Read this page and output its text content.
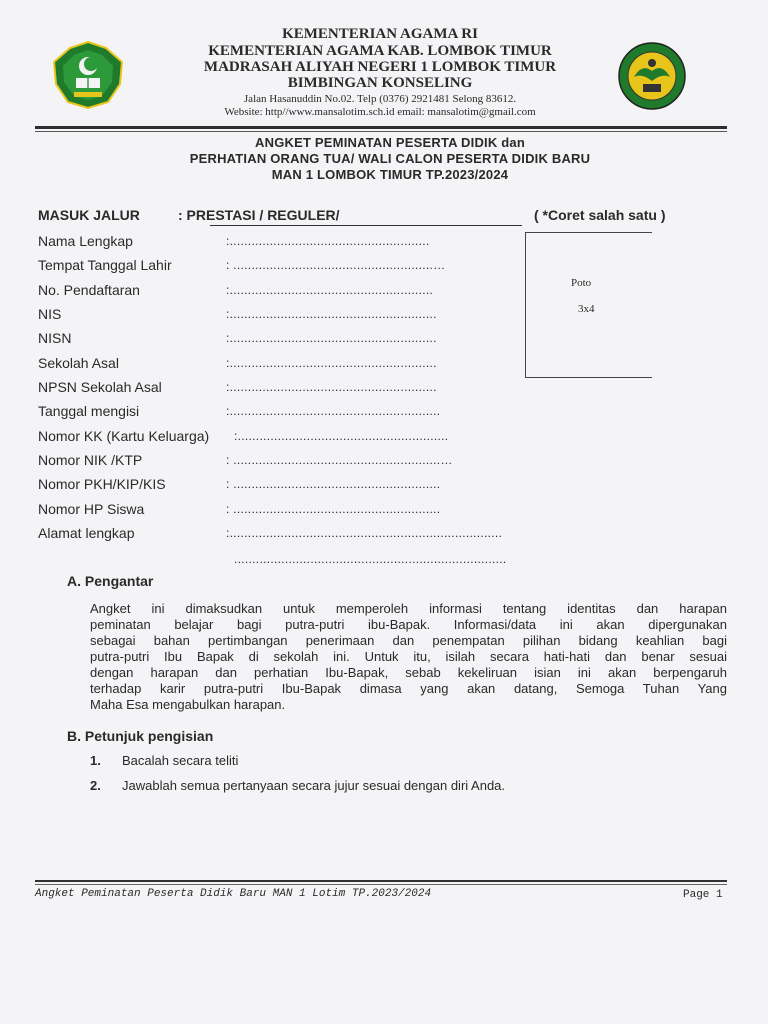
KEMENTERIAN AGAMA RI
KEMENTERIAN AGAMA KAB. LOMBOK TIMUR
MADRASAH ALIYAH NEGERI 1 LOMBOK TIMUR
BIMBINGAN KONSELING
Jalan Hasanuddin No.02. Telp (0376) 2921481 Selong 83612.
Website: http//www.mansalotim.sch.id email: mansalotim@gmail.com
ANGKET PEMINATAN PESERTA DIDIK dan
PERHATIAN ORANG TUA/ WALI CALON PESERTA DIDIK BARU
MAN 1 LOMBOK TIMUR TP.2023/2024
MASUK JALUR	: PRESTASI / REGULER/	( *Coret salah satu )
Nama Lengkap	:.......................................................
Tempat Tanggal Lahir	: .......................................................…
No. Pendaftaran	:........................................................
NIS	:.........................................................
NISN	:.........................................................
Sekolah Asal	:.........................................................
NPSN Sekolah Asal	:.........................................................
Tanggal mengisi	:..........................................................
Nomor KK (Kartu Keluarga) :..........................................................
Nomor NIK /KTP	: .........................................................…
Nomor PKH/KIP/KIS	: .........................................................
Nomor HP Siswa	: .........................................................
Alamat lengkap	:...........................................................................
...........................................................................
Poto
3x4
A. Pengantar
Angket ini dimaksudkan untuk memperoleh informasi tentang identitas dan harapan
peminatan belajar bagi putra-putri ibu-Bapak. Informasi/data ini akan dipergunakan
sebagai bahan pertimbangan penerimaan dan penempatan pilihan bidang keahlian bagi
putra-putri Ibu Bapak di sekolah ini. Untuk itu, isilah secara hati-hati dan benar sesuai
dengan harapan dan perhatian Ibu-Bapak, sebab kekeliruan isian ini akan berpengaruh
terhadap karir putra-putri Ibu-Bapak dimasa yang akan datang, Semoga Tuhan Yang
Maha Esa mengabulkan harapan.
B. Petunjuk pengisian
1. Bacalah secara teliti
2. Jawablah semua pertanyaan secara jujur sesuai dengan diri Anda.
Angket Peminatan Peserta Didik Baru MAN 1 Lotim TP.2023/2024	Page 1
